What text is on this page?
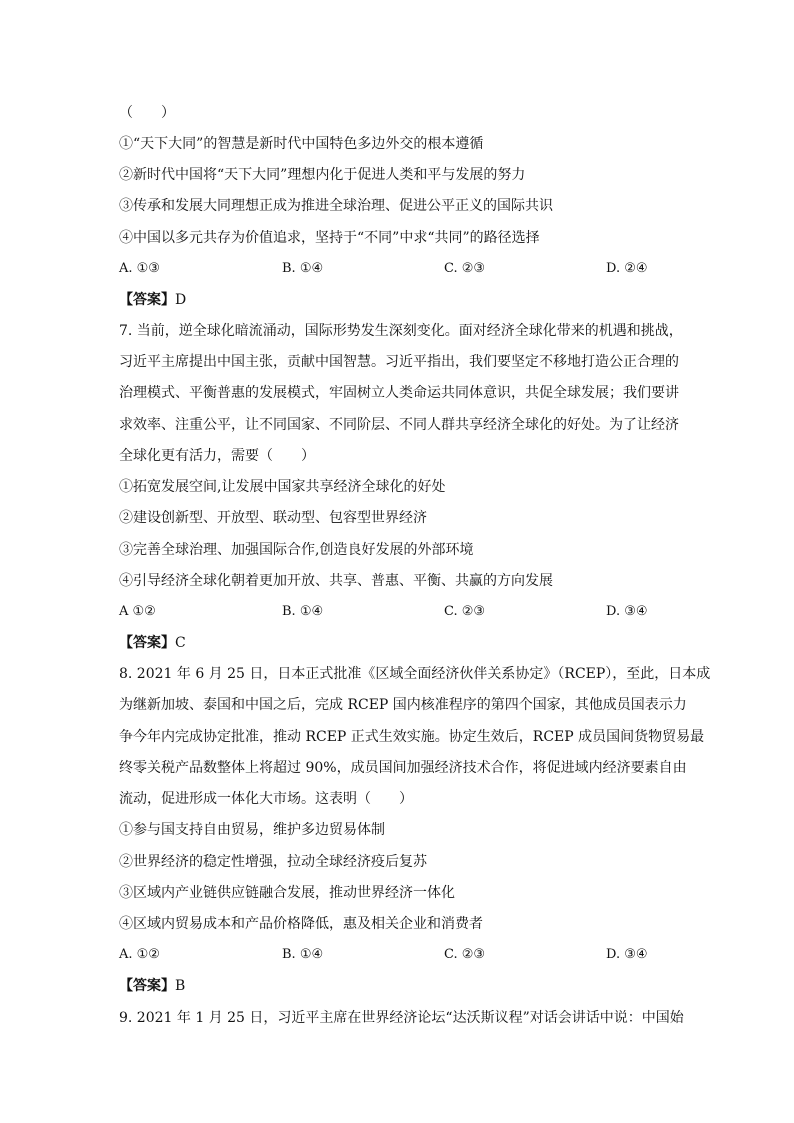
（　　）
①“天下大同”的智慧是新时代中国特色多边外交的根本遵循
②新时代中国将“天下大同”理想内化于促进人类和平与发展的努力
③传承和发展大同理想正成为推进全球治理、促进公平正义的国际共识
④中国以多元共存为价值追求，坚持于“不同”中求“共同”的路径选择
A. ①③	B. ①④	C. ②③	D. ②④
【答案】D
7. 当前，逆全球化暗流涌动，国际形势发生深刻变化。面对经济全球化带来的机遇和挑战，
习近平主席提出中国主张，贡献中国智慧。习近平指出，我们要坚定不移地打造公正合理的
治理模式、平衡普惠的发展模式，牢固树立人类命运共同体意识，共促全球发展；我们要讲
求效率、注重公平，让不同国家、不同阶层、不同人群共享经济全球化的好处。为了让经济
全球化更有活力，需要（　　）
①拓宽发展空间,让发展中国家共享经济全球化的好处
②建设创新型、开放型、联动型、包容型世界经济
③完善全球治理、加强国际合作,创造良好发展的外部环境
④引导经济全球化朝着更加开放、共享、普惠、平衡、共赢的方向发展
A ①②	B. ①④	C. ②③	D. ③④
【答案】C
8. 2021 年 6 月 25 日，日本正式批准《区域全面经济伙伴关系协定》（RCEP），至此，日本成
为继新加坡、泰国和中国之后，完成 RCEP 国内核准程序的第四个国家，其他成员国表示力
争今年内完成协定批准，推动 RCEP 正式生效实施。协定生效后，RCEP 成员国间货物贸易最
终零关税产品数整体上将超过 90%，成员国间加强经济技术合作，将促进域内经济要素自由
流动，促进形成一体化大市场。这表明（　　）
①参与国支持自由贸易，维护多边贸易体制
②世界经济的稳定性增强，拉动全球经济疫后复苏
③区域内产业链供应链融合发展，推动世界经济一体化
④区域内贸易成本和产品价格降低，惠及相关企业和消费者
A. ①②	B. ①④	C. ②③	D. ③④
【答案】B
9. 2021 年 1 月 25 日，习近平主席在世界经济论坛“达沃斯议程”对话会讲话中说：中国始
